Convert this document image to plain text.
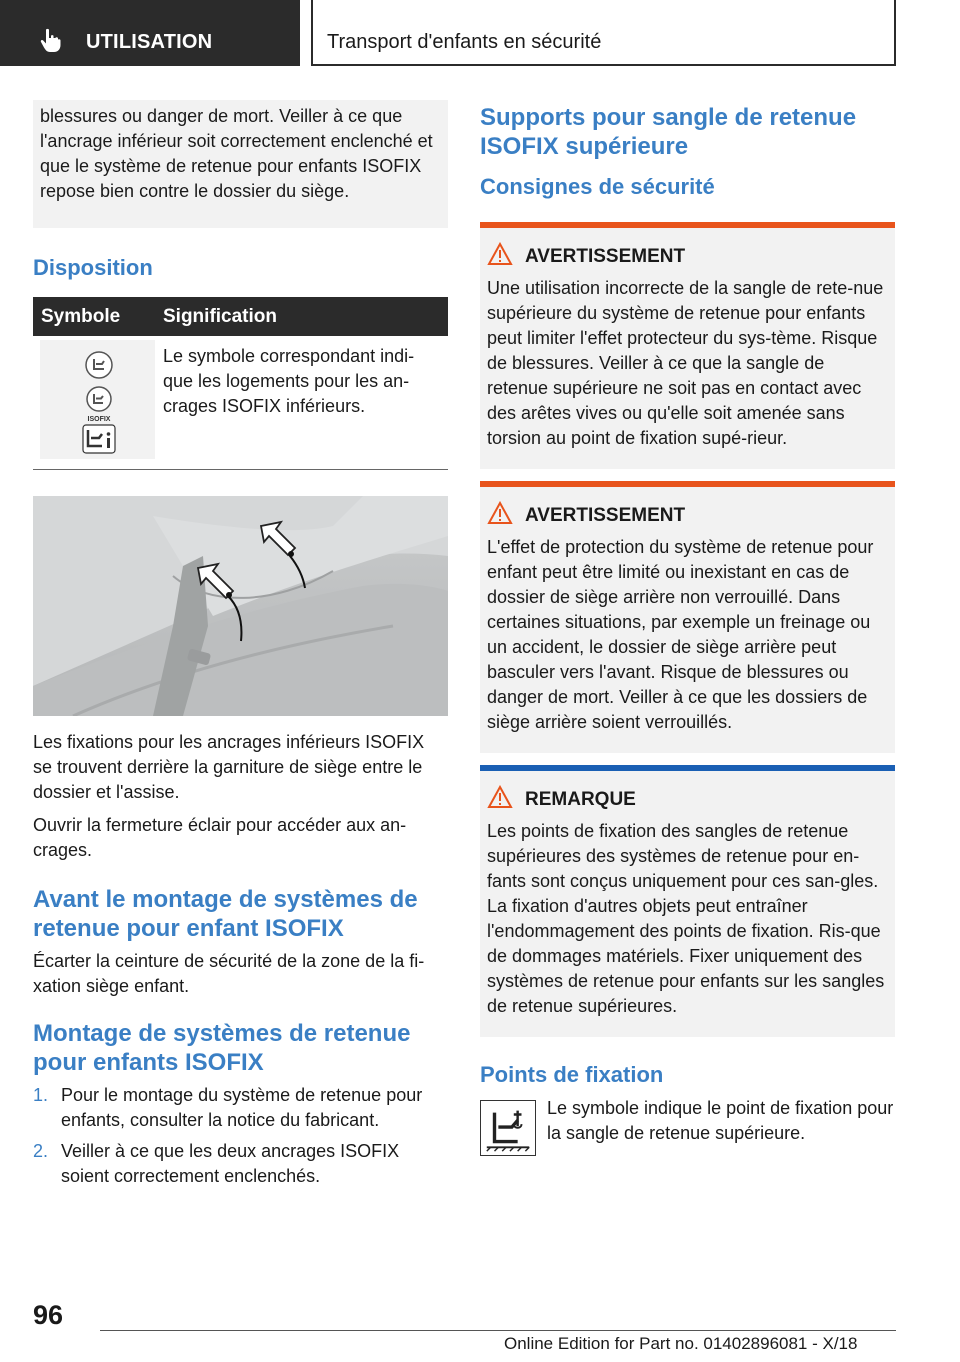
UTILISATION	Transport d'enfants en sécurité
blessures ou danger de mort. Veiller à ce que l'ancrage inférieur soit correctement enclenché et que le système de retenue pour enfants ISOFIX repose bien contre le dossier du siège.
Disposition
Symbole	Signification

ISOFIX	Le symbole correspondant indi-que les logements pour les an-crages ISOFIX inférieurs.

Les fixations pour les ancrages inférieurs ISOFIX se trouvent derrière la garniture de siège entre le dossier et l'assise.

Ouvrir la fermeture éclair pour accéder aux an-crages.

Avant le montage de systèmes de retenue pour enfant ISOFIX

Écarter la ceinture de sécurité de la zone de la fi-xation siège enfant.

Montage de systèmes de retenue pour enfants ISOFIX
1. Pour le montage du système de retenue pour enfants, consulter la notice du fabricant.
2. Veiller à ce que les deux ancrages ISOFIX soient correctement enclenchés.
Supports pour sangle de retenue ISOFIX supérieure
Consignes de sécurité
AVERTISSEMENT

Une utilisation incorrecte de la sangle de rete-nue supérieure du système de retenue pour enfants peut limiter l'effet protecteur du sys-tème. Risque de blessures. Veiller à ce que la sangle de retenue supérieure ne soit pas en contact avec des arêtes vives ou qu'elle soit amenée sans torsion au point de fixation supé-rieur.

AVERTISSEMENT

L'effet de protection du système de retenue pour enfant peut être limité ou inexistant en cas de dossier de siège arrière non verrouillé. Dans certaines situations, par exemple un freinage ou un accident, le dossier de siège arrière peut basculer vers l'avant. Risque de blessures ou danger de mort. Veiller à ce que les dossiers de siège arrière soient verrouillés.

REMARQUE

Les points de fixation des sangles de retenue supérieures des systèmes de retenue pour en-fants sont conçus uniquement pour ces san-gles. La fixation d'autres objets peut entraîner l'endommagement des points de fixation. Ris-que de dommages matériels. Fixer uniquement des systèmes de retenue pour enfants sur les sangles de retenue supérieures.

Points de fixation

Le symbole indique le point de fixation pour la sangle de retenue supérieure.

96
Online Edition for Part no. 01402896081 - X/18
